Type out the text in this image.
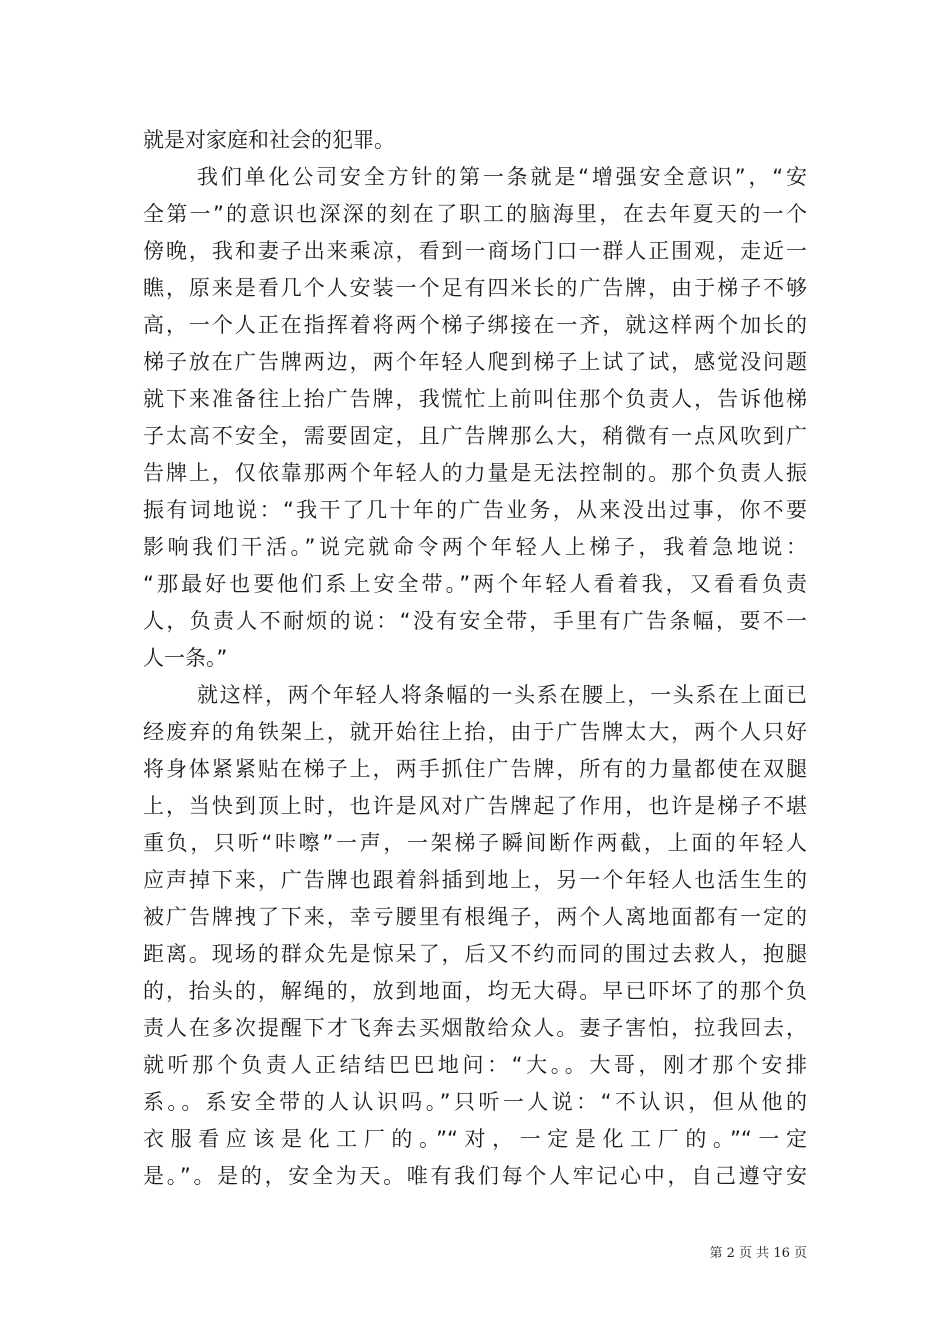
就是对家庭和社会的犯罪。
我们单化公司安全方针的第一条就是“增强安全意识”，“安
全第一”的意识也深深的刻在了职工的脑海里，在去年夏天的一个
傍晚，我和妻子出来乘凉，看到一商场门口一群人正围观，走近一
瞧，原来是看几个人安装一个足有四米长的广告牌，由于梯子不够
高，一个人正在指挥着将两个梯子绑接在一齐，就这样两个加长的
梯子放在广告牌两边，两个年轻人爬到梯子上试了试，感觉没问题
就下来准备往上抬广告牌，我慌忙上前叫住那个负责人，告诉他梯
子太高不安全，需要固定，且广告牌那么大，稍微有一点风吹到广
告牌上，仅依靠那两个年轻人的力量是无法控制的。那个负责人振
振有词地说：“我干了几十年的广告业务，从来没出过事，你不要
影响我们干活。”说完就命令两个年轻人上梯子，我着急地说：
“那最好也要他们系上安全带。”两个年轻人看着我，又看看负责
人，负责人不耐烦的说：“没有安全带，手里有广告条幅，要不一
人一条。”
就这样，两个年轻人将条幅的一头系在腰上，一头系在上面已
经废弃的角铁架上，就开始往上抬，由于广告牌太大，两个人只好
将身体紧紧贴在梯子上，两手抓住广告牌，所有的力量都使在双腿
上，当快到顶上时，也许是风对广告牌起了作用，也许是梯子不堪
重负，只听“咔嚓”一声，一架梯子瞬间断作两截，上面的年轻人
应声掉下来，广告牌也跟着斜插到地上，另一个年轻人也活生生的
被广告牌拽了下来，幸亏腰里有根绳子，两个人离地面都有一定的
距离。现场的群众先是惊呆了，后又不约而同的围过去救人，抱腿
的，抬头的，解绳的，放到地面，均无大碍。早已吓坏了的那个负
责人在多次提醒下才飞奔去买烟散给众人。妻子害怕，拉我回去，
就听那个负责人正结结巴巴地问：“大。。大哥，刚才那个安排
系。。系安全带的人认识吗。”只听一人说：“不认识，但从他的
衣服看应该是化工厂的。”“对，一定是化工厂的。”“一定
是。”。是的，安全为天。唯有我们每个人牢记心中，自己遵守安
第 2 页 共 16 页
